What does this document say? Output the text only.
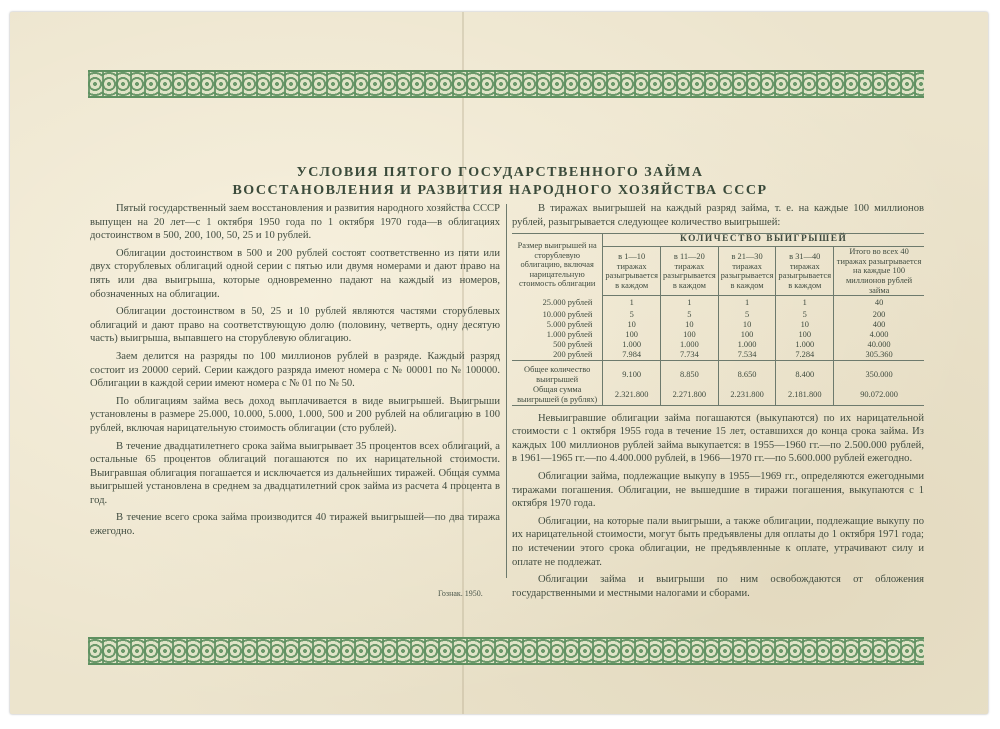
УСЛОВИЯ ПЯТОГО ГОСУДАРСТВЕННОГО ЗАЙМА
ВОССТАНОВЛЕНИЯ И РАЗВИТИЯ НАРОДНОГО ХОЗЯЙСТВА СССР

Пятый государственный заем восстановления и развития народного хозяйства СССР выпущен на 20 лет—с 1 октября 1950 года по 1 октября 1970 года—в облигациях достоинством в 500, 200, 100, 50, 25 и 10 рублей.

Облигации достоинством в 500 и 200 рублей состоят соответственно из пяти или двух сторублевых облигаций одной серии с пятью или двумя номерами и дают право на пять или два выигрыша, которые одновременно падают на каждый из номеров, обозначенных на облигации.

Облигации достоинством в 50, 25 и 10 рублей являются частями сторублевых облигаций и дают право на соответствующую долю (половину, четверть, одну десятую часть) выигрыша, выпавшего на сторублевую облигацию.

Заем делится на разряды по 100 миллионов рублей в разряде. Каждый разряд состоит из 20000 серий. Серии каждого разряда имеют номера с № 00001 по № 100000. Облигации в каждой серии имеют номера с № 01 по № 50.

По облигациям займа весь доход выплачивается в виде выигрышей. Выигрыши установлены в размере 25.000, 10.000, 5.000, 1.000, 500 и 200 рублей на облигацию в 100 рублей, включая нарицательную стоимость облигации (сто рублей).

В течение двадцатилетнего срока займа выигрывает 35 процентов всех облигаций, а остальные 65 процентов облигаций погашаются по их нарицательной стоимости. Выигравшая облигация погашается и исключается из дальнейших тиражей. Общая сумма выигрышей установлена в среднем за двадцатилетний срок займа из расчета 4 процента в год.

В течение всего срока займа производится 40 тиражей выигрышей—по два тиража ежегодно.

В тиражах выигрышей на каждый разряд займа, т. е. на каждые 100 миллионов рублей, разыгрывается следующее количество выигрышей:

Размер выигрышей на сторублевую облигацию, включая нарицательную стоимость облигации	КОЛИЧЕСТВО ВЫИГРЫШЕЙ				
	в 1—10 тиражах разыгрывается в каждом	в 11—20 тиражах разыгрывается в каждом	в 21—30 тиражах разыгрывается в каждом	в 31—40 тиражах разыгрывается в каждом	Итого во всех 40 тиражах разыгрывается на каждые 100 миллионов рублей займа
25.000 рублей	1	1	1	1	40
10.000 рублей	5	5	5	5	200
5.000 рублей	10	10	10	10	400
1.000 рублей	100	100	100	100	4.000
500 рублей	1.000	1.000	1.000	1.000	40.000
200 рублей	7.984	7.734	7.534	7.284	305.360
Общее количество выигрышей	9.100	8.850	8.650	8.400	350.000
Общая сумма выигрышей (в рублях)	2.321.800	2.271.800	2.231.800	2.181.800	90.072.000

Невыигравшие облигации займа погашаются (выкупаются) по их нарицательной стоимости с 1 октября 1955 года в течение 15 лет, оставшихся до конца срока займа. Из каждых 100 миллионов рублей займа выкупается: в 1955—1960 гг.—по 2.500.000 рублей, в 1961—1965 гг.—по 4.400.000 рублей, в 1966—1970 гг.—по 5.600.000 рублей ежегодно.

Облигации займа, подлежащие выкупу в 1955—1969 гг., определяются ежегодными тиражами погашения. Облигации, не вышедшие в тиражи погашения, выкупаются с 1 октября 1970 года.

Облигации, на которые пали выигрыши, а также облигации, подлежащие выкупу по их нарицательной стоимости, могут быть предъявлены для оплаты до 1 октября 1971 года; по истечении этого срока облигации, не предъявленные к оплате, утрачивают силу и оплате не подлежат.

Облигации займа и выигрыши по ним освобождаются от обложения государственными и местными налогами и сборами.

Гознак. 1950.
